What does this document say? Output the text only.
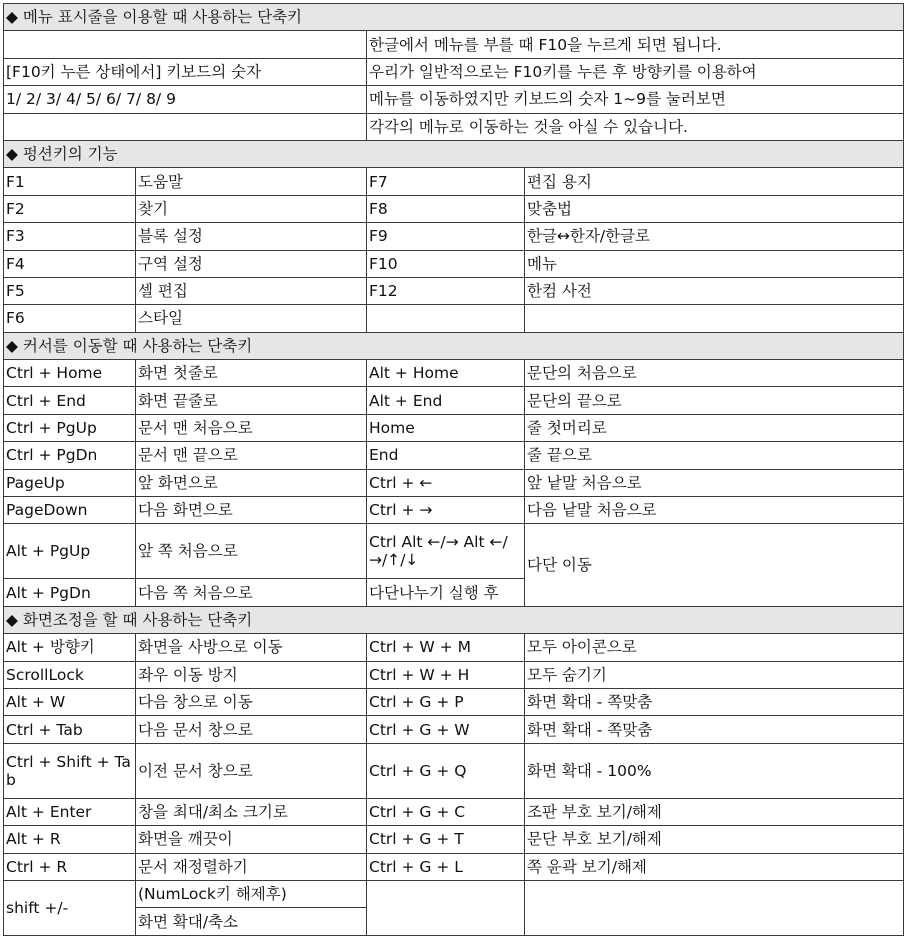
◆ 메뉴 표시줄을 이용할 때 사용하는 단축키			
		한글에서 메뉴를 부를 때 F10을 누르게 되면 됩니다.	
[F10키 누른 상태에서] 키보드의 숫자		우리가 일반적으로는 F10키를 누른 후 방향키를 이용하여	
1/ 2/ 3/ 4/ 5/ 6/ 7/ 8/ 9		메뉴를 이동하였지만 키보드의 숫자 1~9를 눌러보면	
		각각의 메뉴로 이동하는 것을 아실 수 있습니다.	
◆ 펑션키의 기능			
F1	도움말	F7	편집 용지
F2	찾기	F8	맞춤법
F3	블록 설정	F9	한글↔한자/한글로
F4	구역 설정	F10	메뉴
F5	셀 편집	F12	한컴 사전
F6	스타일		
◆ 커서를 이동할 때 사용하는 단축키			
Ctrl + Home	화면 첫줄로	Alt + Home	문단의 처음으로
Ctrl + End	화면 끝줄로	Alt + End	문단의 끝으로
Ctrl + PgUp	문서 맨 처음으로	Home	줄 첫머리로
Ctrl + PgDn	문서 맨 끝으로	End	줄 끝으로
PageUp	앞 화면으로	Ctrl + ←	앞 낱말 처음으로
PageDown	다음 화면으로	Ctrl + →	다음 낱말 처음으로
Alt + PgUp	앞 쪽 처음으로	Ctrl Alt ←/→ Alt ←/→/↑/↓	다단 이동
Alt + PgDn	다음 쪽 처음으로	다단나누기 실행 후	
◆ 화면조정을 할 때 사용하는 단축키			
Alt + 방향키	화면을 사방으로 이동	Ctrl + W + M	모두 아이콘으로
ScrollLock	좌우 이동 방지	Ctrl + W + H	모두 숨기기
Alt + W	다음 창으로 이동	Ctrl + G + P	화면 확대 - 쪽맞춤
Ctrl + Tab	다음 문서 창으로	Ctrl + G + W	화면 확대 - 쪽맞춤
Ctrl + Shift + Tab	이전 문서 창으로	Ctrl + G + Q	화면 확대 - 100%
Alt + Enter	창을 최대/최소 크기로	Ctrl + G + C	조판 부호 보기/해제
Alt + R	화면을 깨끗이	Ctrl + G + T	문단 부호 보기/해제
Ctrl + R	문서 재정렬하기	Ctrl + G + L	쪽 윤곽 보기/해제
shift +/-	(NumLock키 해제후)		
	화면 확대/축소		
